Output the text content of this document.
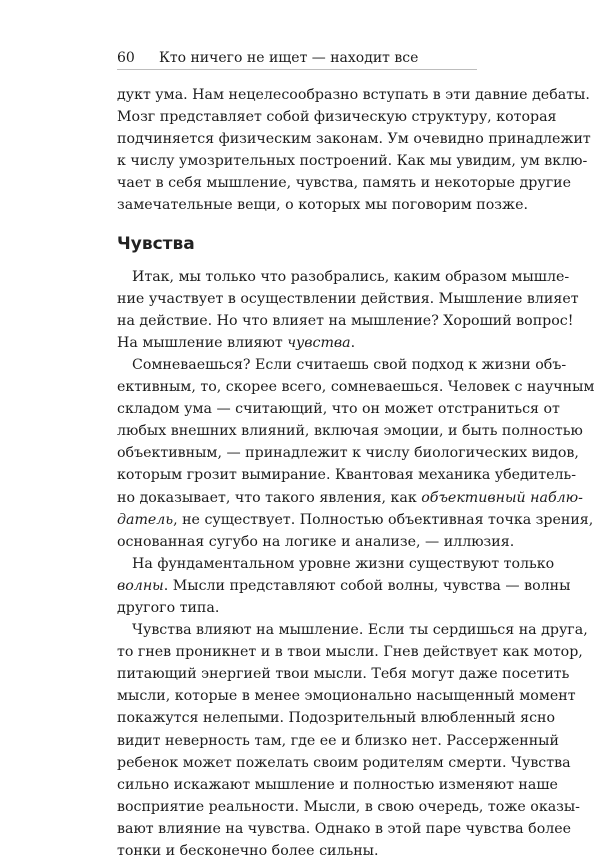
60 Кто ничего не ищет — находит все
дукт ума. Нам нецелесообразно вступать в эти давние дебаты.
Мозг представляет собой физическую структуру, которая
подчиняется физическим законам. Ум очевидно принадлежит
к числу умозрительных построений. Как мы увидим, ум вклю-
чает в себя мышление, чувства, память и некоторые другие
замечательные вещи, о которых мы поговорим позже.
Чувства
Итак, мы только что разобрались, каким образом мышле-
ние участвует в осуществлении действия. Мышление влияет
на действие. Но что влияет на мышление? Хороший вопрос!
На мышление влияют чувства.
Сомневаешься? Если считаешь свой подход к жизни объ-
ективным, то, скорее всего, сомневаешься. Человек с научным
складом ума — считающий, что он может отстраниться от
любых внешних влияний, включая эмоции, и быть полностью
объективным, — принадлежит к числу биологических видов,
которым грозит вымирание. Квантовая механика убедитель-
но доказывает, что такого явления, как объективный наблю-
датель, не существует. Полностью объективная точка зрения,
основанная сугубо на логике и анализе, — иллюзия.
На фундаментальном уровне жизни существуют только
волны. Мысли представляют собой волны, чувства — волны
другого типа.
Чувства влияют на мышление. Если ты сердишься на друга,
то гнев проникнет и в твои мысли. Гнев действует как мотор,
питающий энергией твои мысли. Тебя могут даже посетить
мысли, которые в менее эмоционально насыщенный момент
покажутся нелепыми. Подозрительный влюбленный ясно
видит неверность там, где ее и близко нет. Рассерженный
ребенок может пожелать своим родителям смерти. Чувства
сильно искажают мышление и полностью изменяют наше
восприятие реальности. Мысли, в свою очередь, тоже оказы-
вают влияние на чувства. Однако в этой паре чувства более
тонки и бесконечно более сильны.
